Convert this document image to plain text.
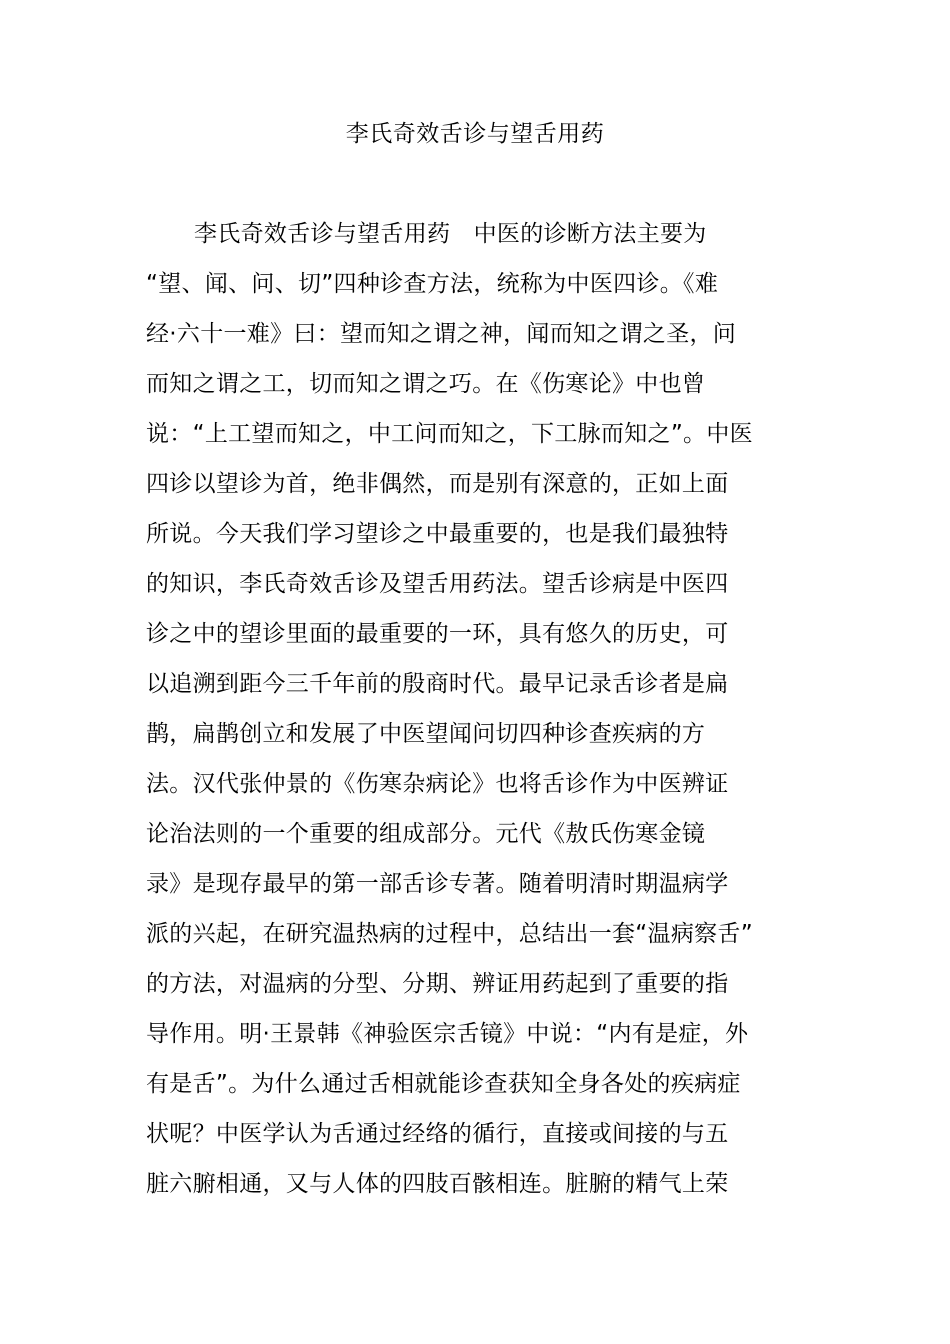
李氏奇效舌诊与望舌用药
李氏奇效舌诊与望舌用药　中医的诊断方法主要为
“望、闻、问、切”四种诊查方法，统称为中医四诊。《难
经·六十一难》曰：望而知之谓之神，闻而知之谓之圣，问
而知之谓之工，切而知之谓之巧。在《伤寒论》中也曾
说：“上工望而知之，中工问而知之，下工脉而知之”。中医
四诊以望诊为首，绝非偶然，而是别有深意的，正如上面
所说。今天我们学习望诊之中最重要的，也是我们最独特
的知识，李氏奇效舌诊及望舌用药法。望舌诊病是中医四
诊之中的望诊里面的最重要的一环，具有悠久的历史，可
以追溯到距今三千年前的殷商时代。最早记录舌诊者是扁
鹊，扁鹊创立和发展了中医望闻问切四种诊查疾病的方
法。汉代张仲景的《伤寒杂病论》也将舌诊作为中医辨证
论治法则的一个重要的组成部分。元代《敖氏伤寒金镜
录》是现存最早的第一部舌诊专著。随着明清时期温病学
派的兴起，在研究温热病的过程中，总结出一套“温病察舌”
的方法，对温病的分型、分期、辨证用药起到了重要的指
导作用。明·王景韩《神验医宗舌镜》中说：“内有是症，外
有是舌”。为什么通过舌相就能诊查获知全身各处的疾病症
状呢？中医学认为舌通过经络的循行，直接或间接的与五
脏六腑相通，又与人体的四肢百骸相连。脏腑的精气上荣
